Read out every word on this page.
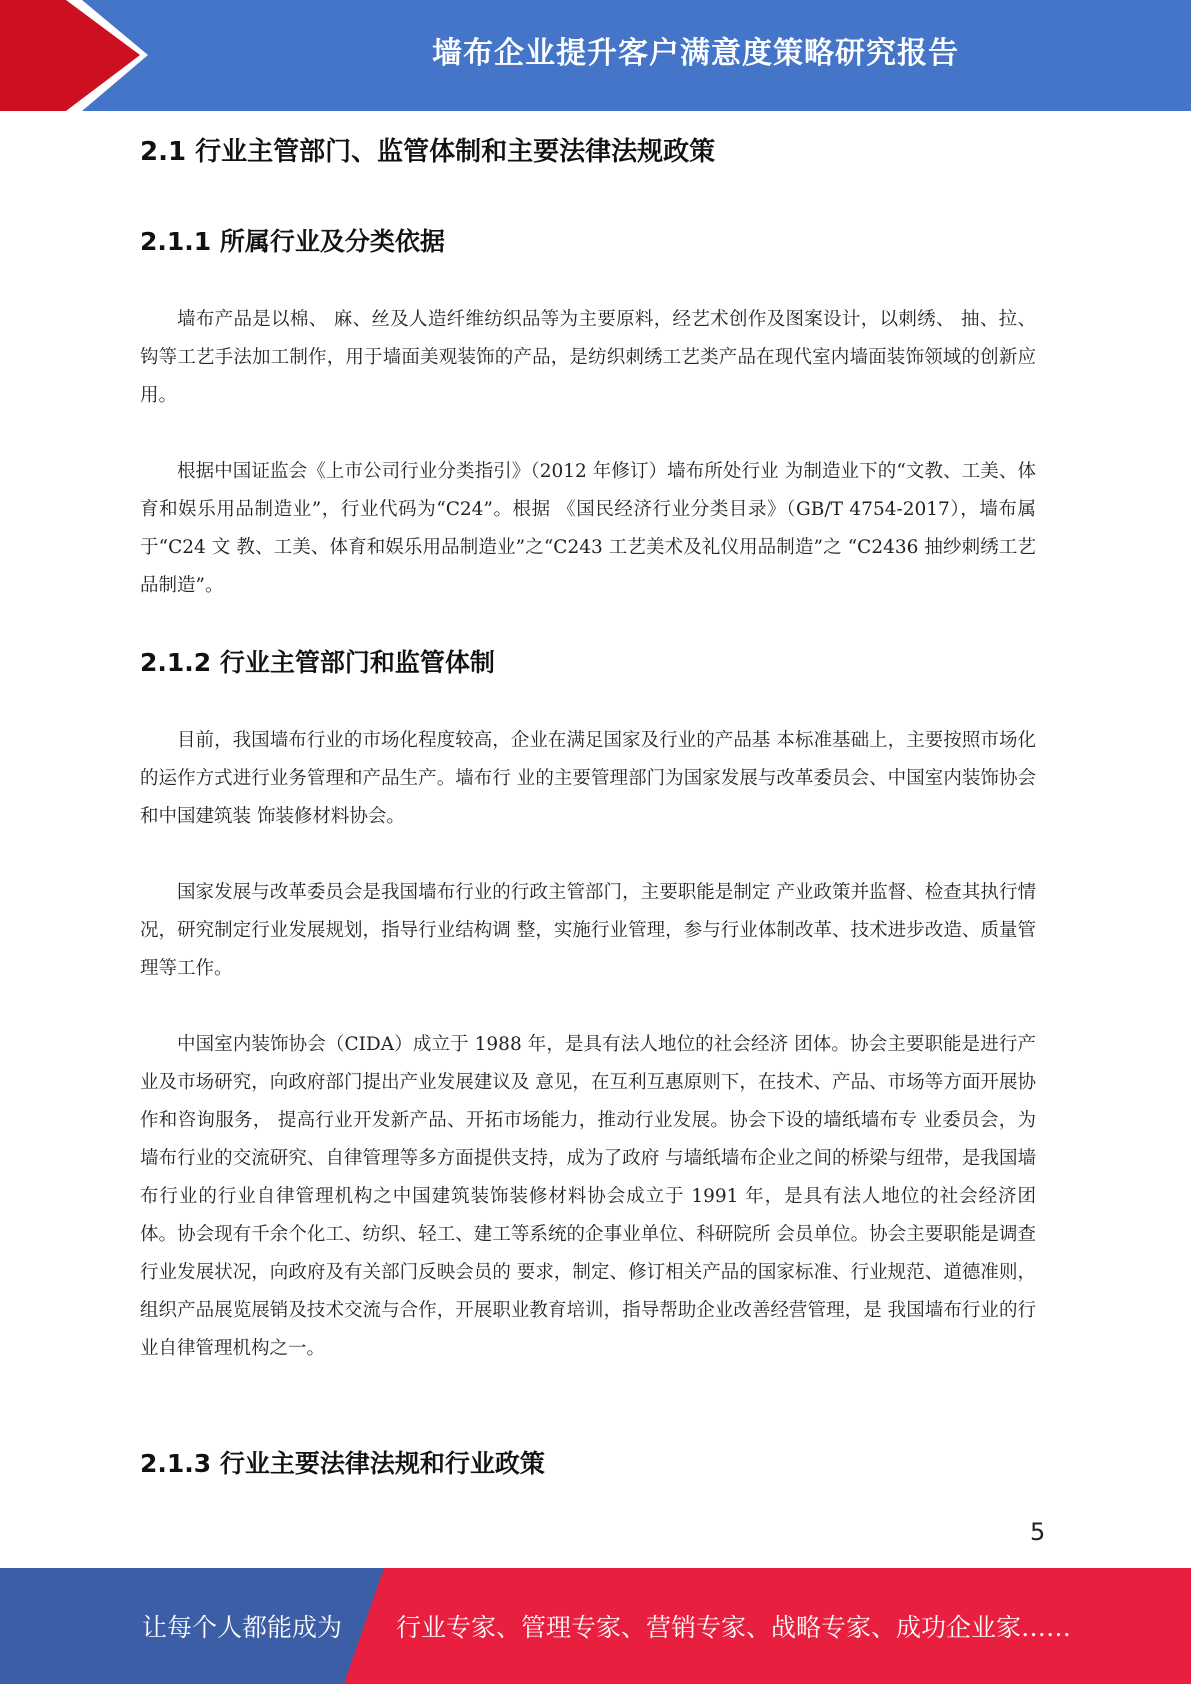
墙布企业提升客户满意度策略研究报告
2.1 行业主管部门、监管体制和主要法律法规政策
2.1.1 所属行业及分类依据

墙布产品是以棉、 麻、丝及人造纤维纺织品等为主要原料，经艺术创作及图案设计，以刺绣、 抽、拉、钩等工艺手法加工制作，用于墙面美观装饰的产品，是纺织刺绣工艺类产品在现代室内墙面装饰领域的创新应用。

根据中国证监会《上市公司行业分类指引》（2012 年修订）墙布所处行业 为制造业下的“文教、工美、体育和娱乐用品制造业”，行业代码为“C24”。根据 《国民经济行业分类目录》（GB/T 4754-2017），墙布属于“C24 文 教、工美、体育和娱乐用品制造业”之“C243 工艺美术及礼仪用品制造”之 “C2436 抽纱刺绣工艺品制造”。

2.1.2 行业主管部门和监管体制

目前，我国墙布行业的市场化程度较高，企业在满足国家及行业的产品基 本标准基础上，主要按照市场化的运作方式进行业务管理和产品生产。墙布行 业的主要管理部门为国家发展与改革委员会、中国室内装饰协会和中国建筑装 饰装修材料协会。

国家发展与改革委员会是我国墙布行业的行政主管部门，主要职能是制定 产业政策并监督、检查其执行情况，研究制定行业发展规划，指导行业结构调 整，实施行业管理，参与行业体制改革、技术进步改造、质量管理等工作。

中国室内装饰协会（CIDA）成立于 1988 年，是具有法人地位的社会经济 团体。协会主要职能是进行产业及市场研究，向政府部门提出产业发展建议及 意见，在互利互惠原则下，在技术、产品、市场等方面开展协作和咨询服务， 提高行业开发新产品、开拓市场能力，推动行业发展。协会下设的墙纸墙布专 业委员会，为墙布行业的交流研究、自律管理等多方面提供支持，成为了政府 与墙纸墙布企业之间的桥梁与纽带，是我国墙布行业的行业自律管理机构之中国建筑装饰装修材料协会成立于 1991 年，是具有法人地位的社会经济团 体。协会现有千余个化工、纺织、轻工、建工等系统的企事业单位、科研院所 会员单位。协会主要职能是调查行业发展状况，向政府及有关部门反映会员的 要求，制定、修订相关产品的国家标准、行业规范、道德准则，组织产品展览展销及技术交流与合作，开展职业教育培训，指导帮助企业改善经营管理，是 我国墙布行业的行业自律管理机构之一。

2.1.3 行业主要法律法规和行业政策
5
让每个人都能成为 行业专家、管理专家、营销专家、战略专家、成功企业家……
